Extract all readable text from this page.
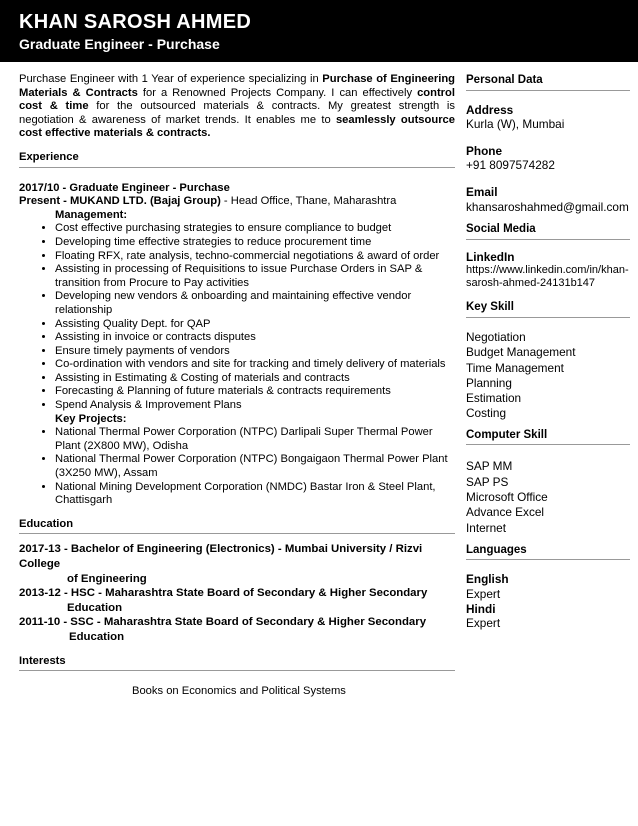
KHAN SAROSH AHMED
Graduate Engineer - Purchase
Purchase Engineer with 1 Year of experience specializing in Purchase of Engineering Materials & Contracts for a Renowned Projects Company. I can effectively control cost & time for the outsourced materials & contracts. My greatest strength is negotiation & awareness of market trends. It enables me to seamlessly outsource cost effective materials & contracts.
Experience
2017/10 - Graduate Engineer - Purchase
Present - MUKAND LTD. (Bajaj Group) - Head Office, Thane, Maharashtra
Management:
• Cost effective purchasing strategies to ensure compliance to budget
• Developing time effective strategies to reduce procurement time
• Floating RFX, rate analysis, techno-commercial negotiations & award of order
• Assisting in processing of Requisitions to issue Purchase Orders in SAP & transition from Procure to Pay activities
• Developing new vendors & onboarding and maintaining effective vendor relationship
• Assisting Quality Dept. for QAP
• Assisting in invoice or contracts disputes
• Ensure timely payments of vendors
• Co-ordination with vendors and site for tracking and timely delivery of materials
• Assisting in Estimating & Costing of materials and contracts
• Forecasting & Planning of future materials & contracts requirements
• Spend Analysis & Improvement Plans
Key Projects:
• National Thermal Power Corporation (NTPC) Darlipali Super Thermal Power Plant (2X800 MW), Odisha
• National Thermal Power Corporation (NTPC) Bongaigaon Thermal Power Plant (3X250 MW), Assam
• National Mining Development Corporation (NMDC) Bastar Iron & Steel Plant, Chattisgarh
Education
2017-13 - Bachelor of Engineering (Electronics) - Mumbai University / Rizvi College
of Engineering
2013-12 - HSC - Maharashtra State Board of Secondary & Higher Secondary
Education
2011-10 - SSC - Maharashtra State Board of Secondary & Higher Secondary
Education
Interests
Books on Economics and Political Systems
Personal Data
Address
Kurla (W), Mumbai
Phone
+91 8097574282
Email
khansaroshahmed@gmail.com
Social Media
LinkedIn
https://www.linkedin.com/in/khan-
sarosh-ahmed-24131b147
Key Skill
Negotiation
Budget Management
Time Management
Planning
Estimation
Costing
Computer Skill
SAP MM
SAP PS
Microsoft Office
Advance Excel
Internet
Languages
English
Expert
Hindi
Expert
